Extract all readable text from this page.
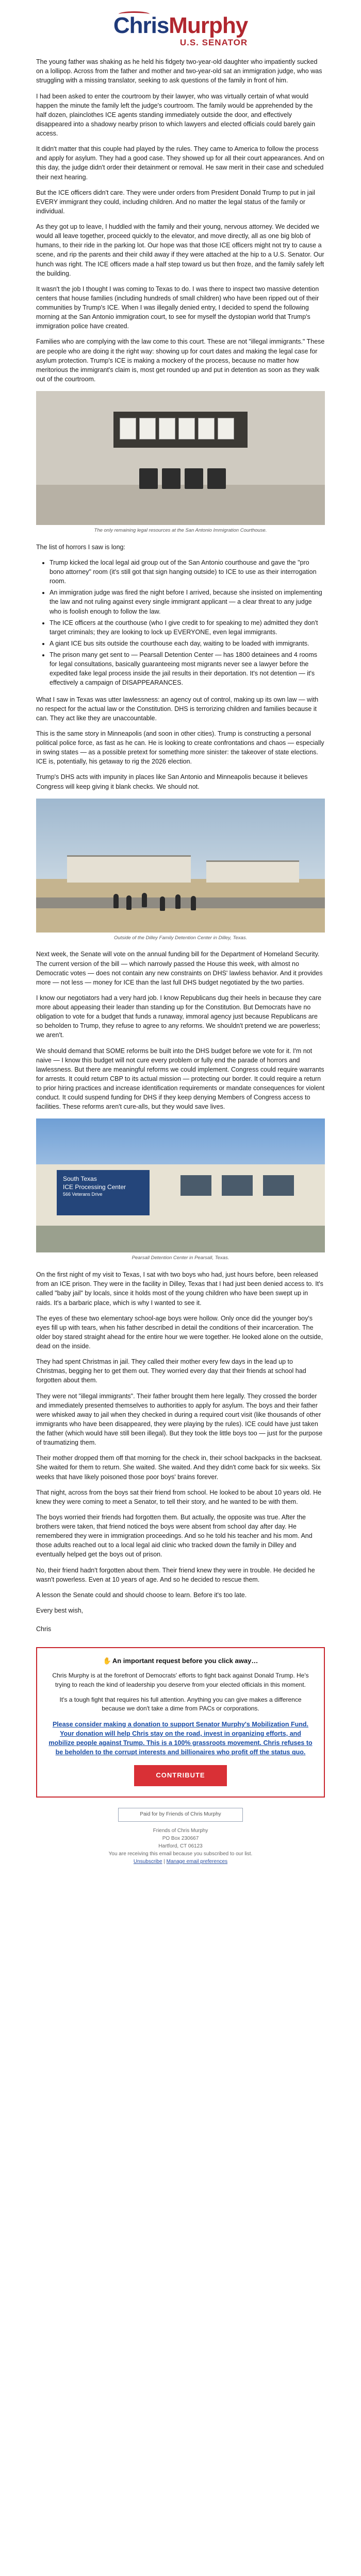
ChrisMurphy
U.S. SENATOR

The young father was shaking as he held his fidgety two-year-old daughter who impatiently sucked on a lollipop. Across from the father and mother and two-year-old sat an immigration judge, who was struggling with a missing translator, seeking to ask questions of the family in front of him.

I had been asked to enter the courtroom by their lawyer, who was virtually certain of what would happen the minute the family left the judge's courtroom. The family would be apprehended by the half dozen, plainclothes ICE agents standing immediately outside the door, and effectively disappeared into a shadowy nearby prison to which lawyers and elected officials could barely gain access.

It didn't matter that this couple had played by the rules. They came to America to follow the process and apply for asylum. They had a good case. They showed up for all their court appearances. And on this day, the judge didn't order their detainment or removal. He saw merit in their case and scheduled their next hearing.

But the ICE officers didn't care. They were under orders from President Donald Trump to put in jail EVERY immigrant they could, including children. And no matter the legal status of the family or individual.

As they got up to leave, I huddled with the family and their young, nervous attorney. We decided we would all leave together, proceed quickly to the elevator, and move directly, all as one big blob of humans, to their ride in the parking lot. Our hope was that those ICE officers might not try to cause a scene, and rip the parents and their child away if they were attached at the hip to a U.S. Senator. Our hunch was right. The ICE officers made a half step toward us but then froze, and the family safely left the building.

It wasn't the job I thought I was coming to Texas to do. I was there to inspect two massive detention centers that house families (including hundreds of small children) who have been ripped out of their communities by Trump's ICE. When I was illegally denied entry, I decided to spend the following morning at the San Antonio immigration court, to see for myself the dystopian world that Trump's immigration police have created.

Families who are complying with the law come to this court. These are not "illegal immigrants." These are people who are doing it the right way: showing up for court dates and making the legal case for asylum protection. Trump's ICE is making a mockery of the process, because no matter how meritorious the immigrant's claim is, most get rounded up and put in detention as soon as they walk out of the courtroom.

The only remaining legal resources at the San Antonio Immigration Courthouse.

The list of horrors I saw is long:

• Trump kicked the local legal aid group out of the San Antonio courthouse and gave the "pro bono attorney" room (it's still got that sign hanging outside) to ICE to use as their interrogation room.
• An immigration judge was fired the night before I arrived, because she insisted on implementing the law and not ruling against every single immigrant applicant — a clear threat to any judge who is foolish enough to follow the law.
• The ICE officers at the courthouse (who I give credit to for speaking to me) admitted they don't target criminals; they are looking to lock up EVERYONE, even legal immigrants.
• A giant ICE bus sits outside the courthouse each day, waiting to be loaded with immigrants.
• The prison many get sent to — Pearsall Detention Center — has 1800 detainees and 4 rooms for legal consultations, basically guaranteeing most migrants never see a lawyer before the expedited fake legal process inside the jail results in their deportation. It's not detention — it's effectively a campaign of DISAPPEARANCES.

What I saw in Texas was utter lawlessness: an agency out of control, making up its own law — with no respect for the actual law or the Constitution. DHS is terrorizing children and families because it can. They act like they are unaccountable.

This is the same story in Minneapolis (and soon in other cities). Trump is constructing a personal political police force, as fast as he can. He is looking to create confrontations and chaos — especially in swing states — as a possible pretext for something more sinister: the takeover of state elections. ICE is, potentially, his getaway to rig the 2026 election.

Trump's DHS acts with impunity in places like San Antonio and Minneapolis because it believes Congress will keep giving it blank checks. We should not.

Outside of the Dilley Family Detention Center in Dilley, Texas.

Next week, the Senate will vote on the annual funding bill for the Department of Homeland Security. The current version of the bill — which narrowly passed the House this week, with almost no Democratic votes — does not contain any new constraints on DHS' lawless behavior. And it provides more — not less — money for ICE than the last full DHS budget negotiated by the two parties.

I know our negotiators had a very hard job. I know Republicans dug their heels in because they care more about appeasing their leader than standing up for the Constitution. But Democrats have no obligation to vote for a budget that funds a runaway, immoral agency just because Republicans are so beholden to Trump, they refuse to agree to any reforms. We shouldn't pretend we are powerless; we aren't.

We should demand that SOME reforms be built into the DHS budget before we vote for it. I'm not naive — I know this budget will not cure every problem or fully end the parade of horrors and lawlessness. But there are meaningful reforms we could implement. Congress could require warrants for arrests. It could return CBP to its actual mission — protecting our border. It could require a return to prior hiring practices and increase identification requirements or mandate consequences for violent conduct. It could suspend funding for DHS if they keep denying Members of Congress access to facilities. These reforms aren't cure-alls, but they would save lives.

South Texas
ICE Processing Center
566 Veterans Drive
Pearsall Detention Center in Pearsall, Texas.

On the first night of my visit to Texas, I sat with two boys who had, just hours before, been released from an ICE prison. They were in the facility in Dilley, Texas that I had just been denied access to. It's called "baby jail" by locals, since it holds most of the young children who have been swept up in raids. It's a barbaric place, which is why I wanted to see it.

The eyes of these two elementary school-age boys were hollow. Only once did the younger boy's eyes fill up with tears, when his father described in detail the conditions of their incarceration. The older boy stared straight ahead for the entire hour we were together. He looked alone on the outside, dead on the inside.

They had spent Christmas in jail. They called their mother every few days in the lead up to Christmas, begging her to get them out. They worried every day that their friends at school had forgotten about them.

They were not "illegal immigrants". Their father brought them here legally. They crossed the border and immediately presented themselves to authorities to apply for asylum. The boys and their father were whisked away to jail when they checked in during a required court visit (like thousands of other immigrants who have been disappeared, they were playing by the rules). ICE could have just taken the father (which would have still been illegal). But they took the little boys too — just for the purpose of traumatizing them.

Their mother dropped them off that morning for the check in, their school backpacks in the backseat. She waited for them to return. She waited. She waited. And they didn't come back for six weeks. Six weeks that have likely poisoned those poor boys' brains forever.

That night, across from the boys sat their friend from school. He looked to be about 10 years old. He knew they were coming to meet a Senator, to tell their story, and he wanted to be with them.

The boys worried their friends had forgotten them. But actually, the opposite was true. After the brothers were taken, that friend noticed the boys were absent from school day after day. He remembered they were in immigration proceedings. And so he told his teacher and his mom. And those adults reached out to a local legal aid clinic who tracked down the family in Dilley and eventually helped get the boys out of prison.

No, their friend hadn't forgotten about them. Their friend knew they were in trouble. He decided he wasn't powerless. Even at 10 years of age. And so he decided to rescue them.

A lesson the Senate could and should choose to learn. Before it's too late.

Every best wish,

Chris

✋ An important request before you click away…

Chris Murphy is at the forefront of Democrats' efforts to fight back against Donald Trump. He's trying to reach the kind of leadership you deserve from your elected officials in this moment.

It's a tough fight that requires his full attention. Anything you can give makes a difference because we don't take a dime from PACs or corporations.

Please consider making a donation to support Senator Murphy's Mobilization Fund. Your donation will help Chris stay on the road, invest in organizing efforts, and mobilize people against Trump. This is a 100% grassroots movement. Chris refuses to be beholden to the corrupt interests and billionaires who profit off the status quo.

CONTRIBUTE
Paid for by Friends of Chris Murphy
Friends of Chris Murphy
PO Box 230667
Hartford, CT 06123
You are receiving this email because you subscribed to our list.
Unsubscribe | Manage email preferences
